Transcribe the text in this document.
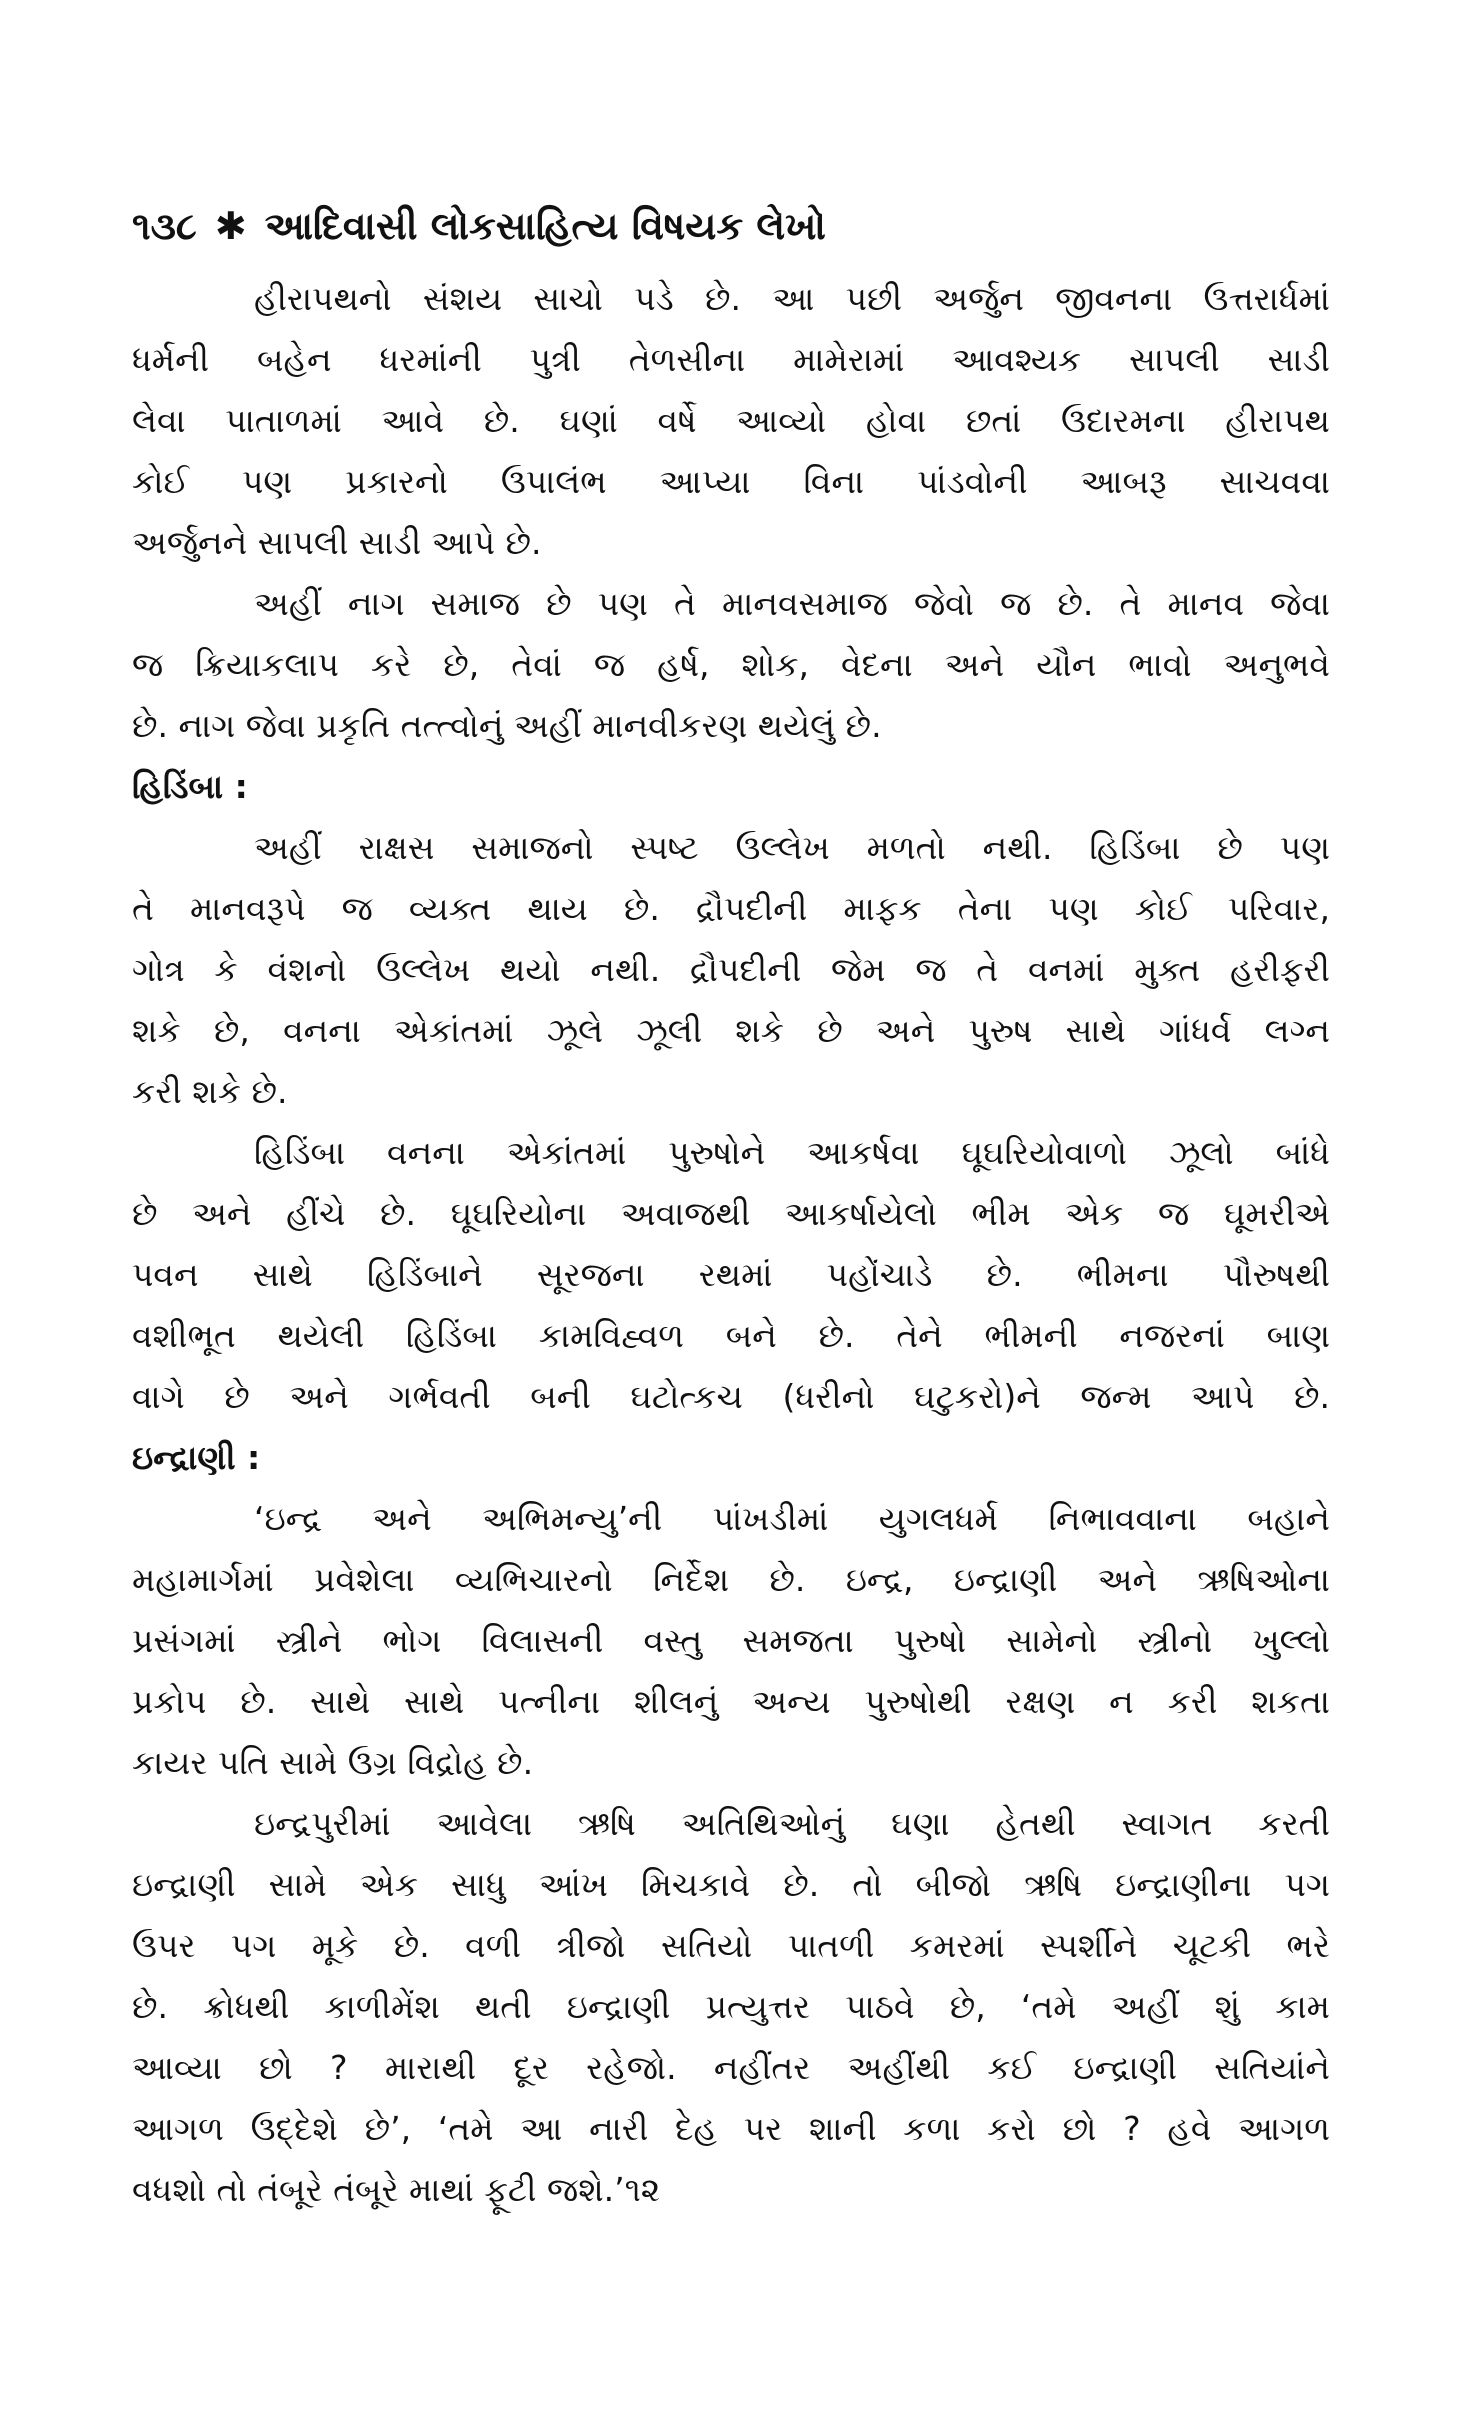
૧૩૮ ✱ આદિવાસી લોકસાહિત્ય વિષયક લેખો
હીરાપથનો સંશય સાચો પડે છે. આ પછી અર્જુન જીવનના ઉત્તરાર્ધમાં
ધર્મની બહેન ધરમાંની પુત્રી તેળસીના મામેરામાં આવશ્યક સાપલી સાડી
લેવા પાતાળમાં આવે છે. ઘણાં વર્ષે આવ્યો હોવા છતાં ઉદારમના હીરાપથ
કોઈ પણ પ્રકારનો ઉપાલંભ આપ્યા વિના પાંડવોની આબરૂ સાચવવા
અર્જુનને સાપલી સાડી આપે છે.
અહીં નાગ સમાજ છે પણ તે માનવસમાજ જેવો જ છે. તે માનવ જેવા
જ ક્રિયાકલાપ કરે છે, તેવાં જ હર્ષ, શોક, વેદના અને યૌન ભાવો અનુભવે
છે. નાગ જેવા પ્રકૃતિ તત્ત્વોનું અહીં માનવીકરણ થયેલું છે.
હિડિંબા :
અહીં રાક્ષસ સમાજનો સ્પષ્ટ ઉલ્લેખ મળતો નથી. હિડિંબા છે પણ
તે માનવરૂપે જ વ્યક્ત થાય છે. દ્રૌપદીની માફક તેના પણ કોઈ પરિવાર,
ગોત્ર કે વંશનો ઉલ્લેખ થયો નથી. દ્રૌપદીની જેમ જ તે વનમાં મુક્ત હરીફરી
શકે છે, વનના એકાંતમાં ઝૂલે ઝૂલી શકે છે અને પુરુષ સાથે ગાંધર્વ લગ્ન
કરી શકે છે.
હિડિંબા વનના એકાંતમાં પુરુષોને આકર્ષવા ઘૂઘરિયોવાળો ઝૂલો બાંધે
છે અને હીંચે છે. ઘૂઘરિયોના અવાજથી આકર્ષાયેલો ભીમ એક જ ઘૂમરીએ
પવન સાથે હિડિંબાને સૂરજના રથમાં પહોંચાડે છે. ભીમના પૌરુષથી
વશીભૂત થયેલી હિડિંબા કામવિહ્વળ બને છે. તેને ભીમની નજરનાં બાણ
વાગે છે અને ગર્ભવતી બની ઘટોત્કચ (ધરીનો ઘટુકરો)ને જન્મ આપે છે.
ઇન્દ્રાણી :
‘ઇન્દ્ર અને અભિમન્યુ’ની પાંખડીમાં યુગલધર્મ નિભાવવાના બહાને
મહામાર્ગમાં પ્રવેશેલા વ્યભિચારનો નિર્દેશ છે. ઇન્દ્ર, ઇન્દ્રાણી અને ઋષિઓના
પ્રસંગમાં સ્ત્રીને ભોગ વિલાસની વસ્તુ સમજતા પુરુષો સામેનો સ્ત્રીનો ખુલ્લો
પ્રકોપ છે. સાથે સાથે પત્નીના શીલનું અન્ય પુરુષોથી રક્ષણ ન કરી શકતા
કાયર પતિ સામે ઉગ્ર વિદ્રોહ છે.
ઇન્દ્રપુરીમાં આવેલા ઋષિ અતિથિઓનું ઘણા હેતથી સ્વાગત કરતી
ઇન્દ્રાણી સામે એક સાધુ આંખ મિચકાવે છે. તો બીજો ઋષિ ઇન્દ્રાણીના પગ
ઉપર પગ મૂકે છે. વળી ત્રીજો સતિયો પાતળી કમરમાં સ્પર્શીને ચૂટકી ભરે
છે. ક્રોધથી કાળીમેંશ થતી ઇન્દ્રાણી પ્રત્યુત્તર પાઠવે છે, ‘તમે અહીં શું કામ
આવ્યા છો ? મારાથી દૂર રહેજો. નહીંતર અહીંથી કઈ ઇન્દ્રાણી સતિયાંને
આગળ ઉદ્દેશે છે’, ‘તમે આ નારી દેહ પર શાની કળા કરો છો ? હવે આગળ
વધશો તો તંબૂરે તંબૂરે માથાં ફૂટી જશે.’૧૨
